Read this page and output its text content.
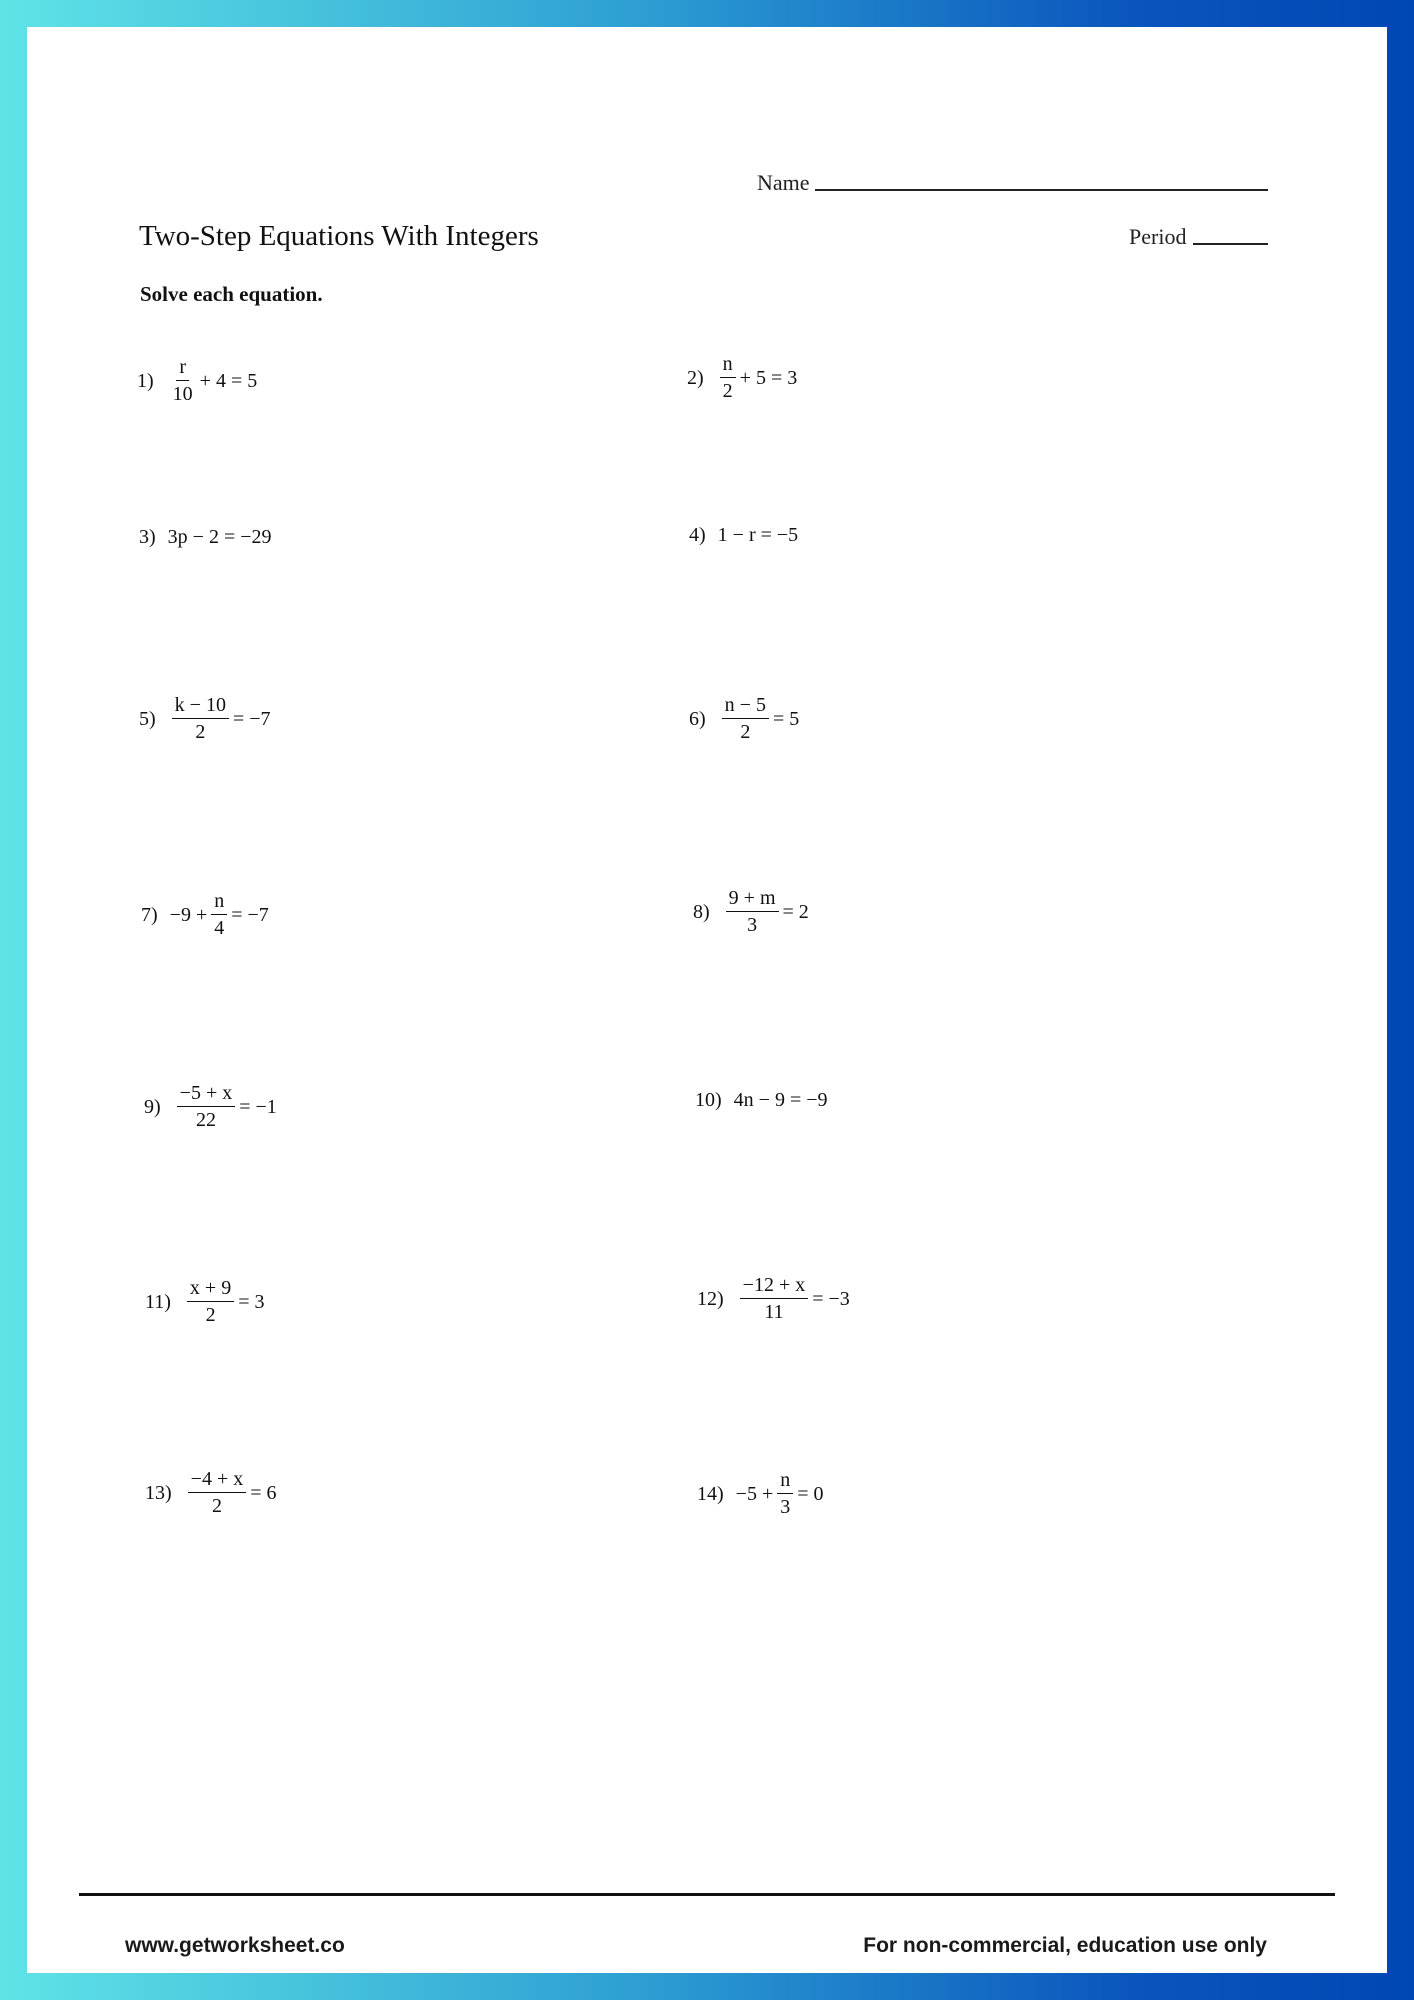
Name
Two-Step Equations With Integers	Period
Solve each equation.
$1) \frac{r}{10} + 4 = 5$	$2) \frac{n}{2} + 5 = 3$
3) 3p − 2 = −29	4) 1 − r = −5
$5) \frac{k - 10}{2} = -7$	$6) \frac{n - 5}{2} = 5$
$7) -9 + \frac{n}{4} = -7$	$8) \frac{9 + m}{3} = 2$
$9) \frac{-5 + x}{22} = -1$	10) 4n − 9 = −9
$11) \frac{x + 9}{2} = 3$	$12) \frac{-12 + x}{11} = -3$
$13) \frac{-4 + x}{2} = 6$	$14) -5 + \frac{n}{3} = 0$
www.getworksheet.co	For non-commercial, education use only
